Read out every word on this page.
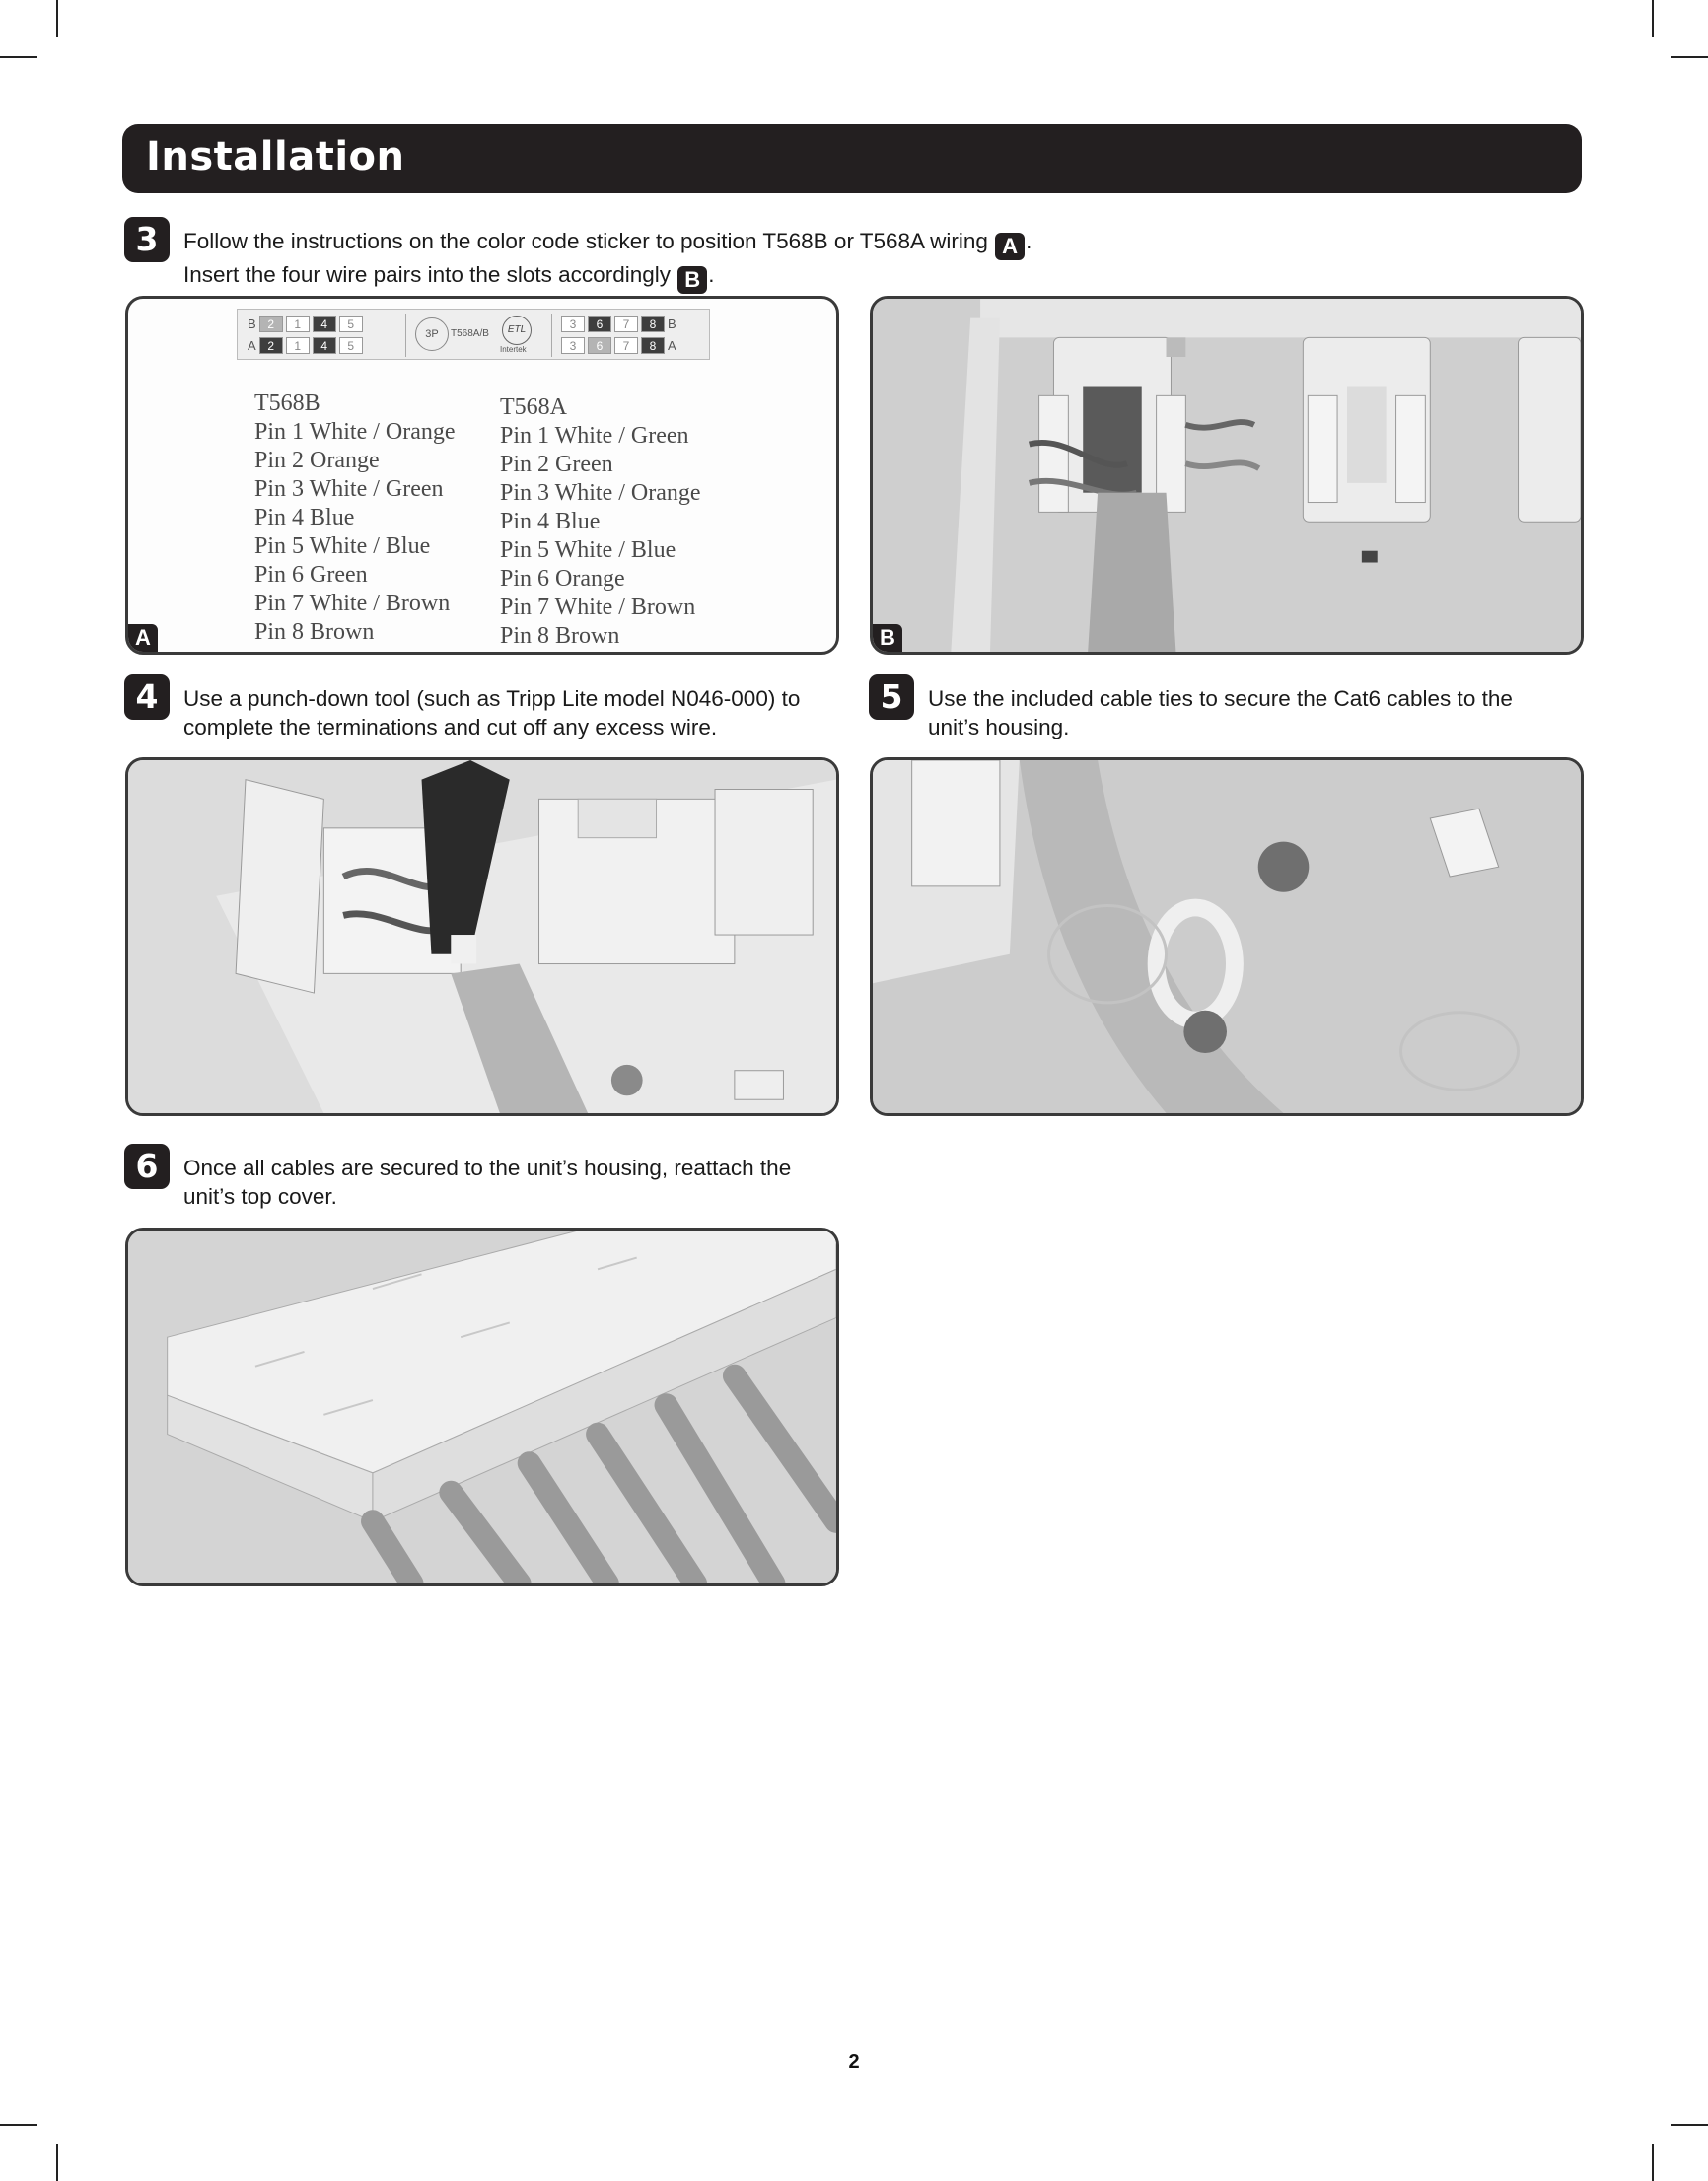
Installation
3	Follow the instructions on the color code sticker to position T568B or T568A wiring A .
Insert the four wire pairs into the slots accordingly B .
B 2	1	4	5
A 2	1	4	5
3P	T568A/B	ETL
Intertek
3	6	7	8 B
3	6	7	8 A
T568B
Pin 1 White / Orange
Pin 2 Orange
Pin 3 White / Green
Pin 4 Blue
Pin 5 White / Blue
Pin 6 Green
Pin 7 White / Brown
Pin 8 Brown
T568A
Pin 1 White / Green
Pin 2 Green
Pin 3 White / Orange
Pin 4 Blue
Pin 5 White / Blue
Pin 6 Orange
Pin 7 White / Brown
Pin 8 Brown
A	B
4	Use a punch-down tool (such as Tripp Lite model N046-000) to
complete the terminations and cut off any excess wire.
5	Use the included cable ties to secure the Cat6 cables to the
unit’s housing.
6	Once all cables are secured to the unit’s housing, reattach the
unit’s top cover.
2
